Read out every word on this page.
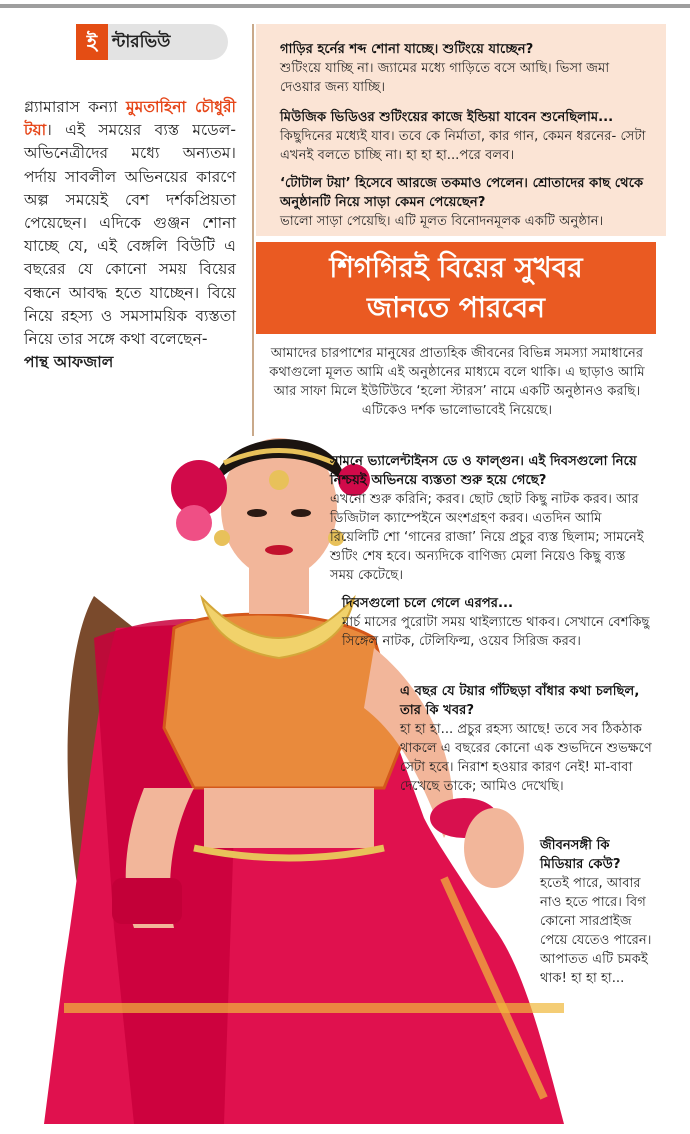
ই ন্টারভিউ
গ্ল্যামারাস কন্যা মুমতাহিনা চৌধুরী টয়া। এই সময়ের ব্যস্ত মডেল-অভিনেত্রীদের মধ্যে অন্যতম। পর্দায় সাবলীল অভিনয়ের কারণে অল্প সময়েই বেশ দর্শকপ্রিয়তা পেয়েছেন। এদিকে গুঞ্জন শোনা যাচ্ছে যে, এই বেঙ্গলি বিউটি এ বছরের যে কোনো সময় বিয়ের বন্ধনে আবদ্ধ হতে যাচ্ছেন। বিয়ে নিয়ে রহস্য ও সমসাময়িক ব্যস্ততা নিয়ে তার সঙ্গে কথা বলেছেন-
পান্থ আফজাল
গাড়ির হর্নের শব্দ শোনা যাচ্ছে। শুটিংয়ে যাচ্ছেন?
শুটিংয়ে যাচ্ছি না। জ্যামের মধ্যে গাড়িতে বসে আছি। ভিসা জমা দেওয়ার জন্য যাচ্ছি।
মিউজিক ভিডিওর শুটিংয়ের কাজে ইন্ডিয়া যাবেন শুনেছিলাম...
কিছুদিনের মধ্যেই যাব। তবে কে নির্মাতা, কার গান, কেমন ধরনের- সেটা এখনই বলতে চাচ্ছি না। হা হা হা...পরে বলব।
‘টোটাল টয়া’ হিসেবে আরজে তকমাও পেলেন। শ্রোতাদের কাছ থেকে অনুষ্ঠানটি নিয়ে সাড়া কেমন পেয়েছেন?
ভালো সাড়া পেয়েছি। এটি মূলত বিনোদনমূলক একটি অনুষ্ঠান।
শিগগিরই বিয়ের সুখবর
জানতে পারবেন
আমাদের চারপাশের মানুষের প্রাত্যহিক জীবনের বিভিন্ন সমস্যা সমাধানের কথাগুলো মূলত আমি এই অনুষ্ঠানের মাধ্যমে বলে থাকি। এ ছাড়াও আমি আর সাফা মিলে ইউটিউবে ‘হলো স্টারস’ নামে একটি অনুষ্ঠানও করছি। এটিকেও দর্শক ভালোভাবেই নিয়েছে।
সামনে ভ্যালেন্টাইনস ডে ও ফাল্গুন। এই দিবসগুলো নিয়ে নিশ্চয়ই অভিনয়ে ব্যস্ততা শুরু হয়ে গেছে?
এখনো শুরু করিনি; করব। ছোট ছোট কিছু নাটক করব। আর ডিজিটাল ক্যাম্পেইনে অংশগ্রহণ করব। এতদিন আমি রিয়েলিটি শো ‘গানের রাজা’ নিয়ে প্রচুর ব্যস্ত ছিলাম; সামনেই শুটিং শেষ হবে। অন্যদিকে বাণিজ্য মেলা নিয়েও কিছু ব্যস্ত সময় কেটেছে।
দিবসগুলো চলে গেলে এরপর...
মার্চ মাসের পুরোটা সময় থাইল্যান্ডে থাকব। সেখানে বেশকিছু সিঙ্গেল নাটক, টেলিফিল্ম, ওয়েব সিরিজ করব।
এ বছর যে টয়ার গাঁটছড়া বাঁধার কথা চলছিল, তার কি খবর?
হা হা হা... প্রচুর রহস্য আছে! তবে সব ঠিকঠাক থাকলে এ বছরের কোনো এক শুভদিনে শুভক্ষণে সেটা হবে। নিরাশ হওয়ার কারণ নেই! মা-বাবা দেখেছে তাকে; আমিও দেখেছি।
জীবনসঙ্গী কি মিডিয়ার কেউ?
হতেই পারে, আবার নাও হতে পারে। বিগ কোনো সারপ্রাইজ পেয়ে যেতেও পারেন। আপাতত এটি চমকই থাক! হা হা হা...
